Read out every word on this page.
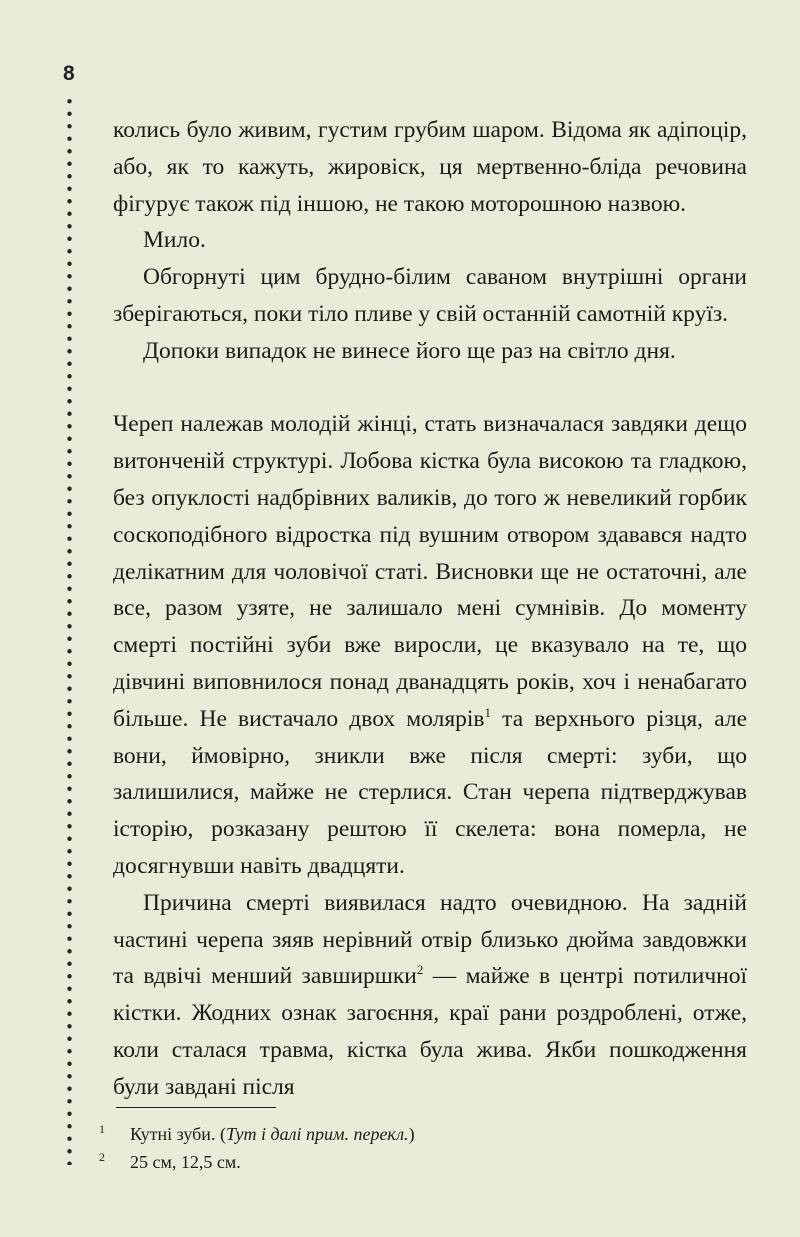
8

колись було живим, густим грубим шаром. Відома як адіпоцір, або, як то кажуть, жировіск, ця мертвенно-бліда речовина фігурує також під іншою, не такою моторошною назвою.

Мило.

Обгорнуті цим брудно-білим саваном внутрішні органи зберігаються, поки тіло пливе у свій останній самотній круїз.

Допоки випадок не винесе його ще раз на світло дня.

Череп належав молодій жінці, стать визначалася завдяки дещо витонченій структурі. Лобова кістка була високою та гладкою, без опуклості надбрівних валиків, до того ж невеликий горбик соскоподібного відростка під вушним отвором здавався надто делікатним для чоловічої статі. Висновки ще не остаточні, але все, разом узяте, не залишало мені сумнівів. До моменту смерті постійні зуби вже виросли, це вказувало на те, що дівчині виповнилося понад дванадцять років, хоч і ненабагато більше. Не вистачало двох молярів$^1$ та верхнього різця, але вони, ймовірно, зникли вже після смерті: зуби, що залишилися, майже не стерлися. Стан черепа підтверджував історію, розказану рештою її скелета: вона померла, не досягнувши навіть двадцяти.

Причина смерті виявилася надто очевидною. На задній частині черепа зяяв нерівний отвір близько дюйма завдовжки та вдвічі менший завширшки$^2$ — майже в центрі потиличної кістки. Жодних ознак загоєння, краї рани роздроблені, отже, коли сталася травма, кістка була жива. Якби пошкодження були завдані після

1 Кутні зуби. (Тут і далі прим. перекл.)
2 25 см, 12,5 см.
